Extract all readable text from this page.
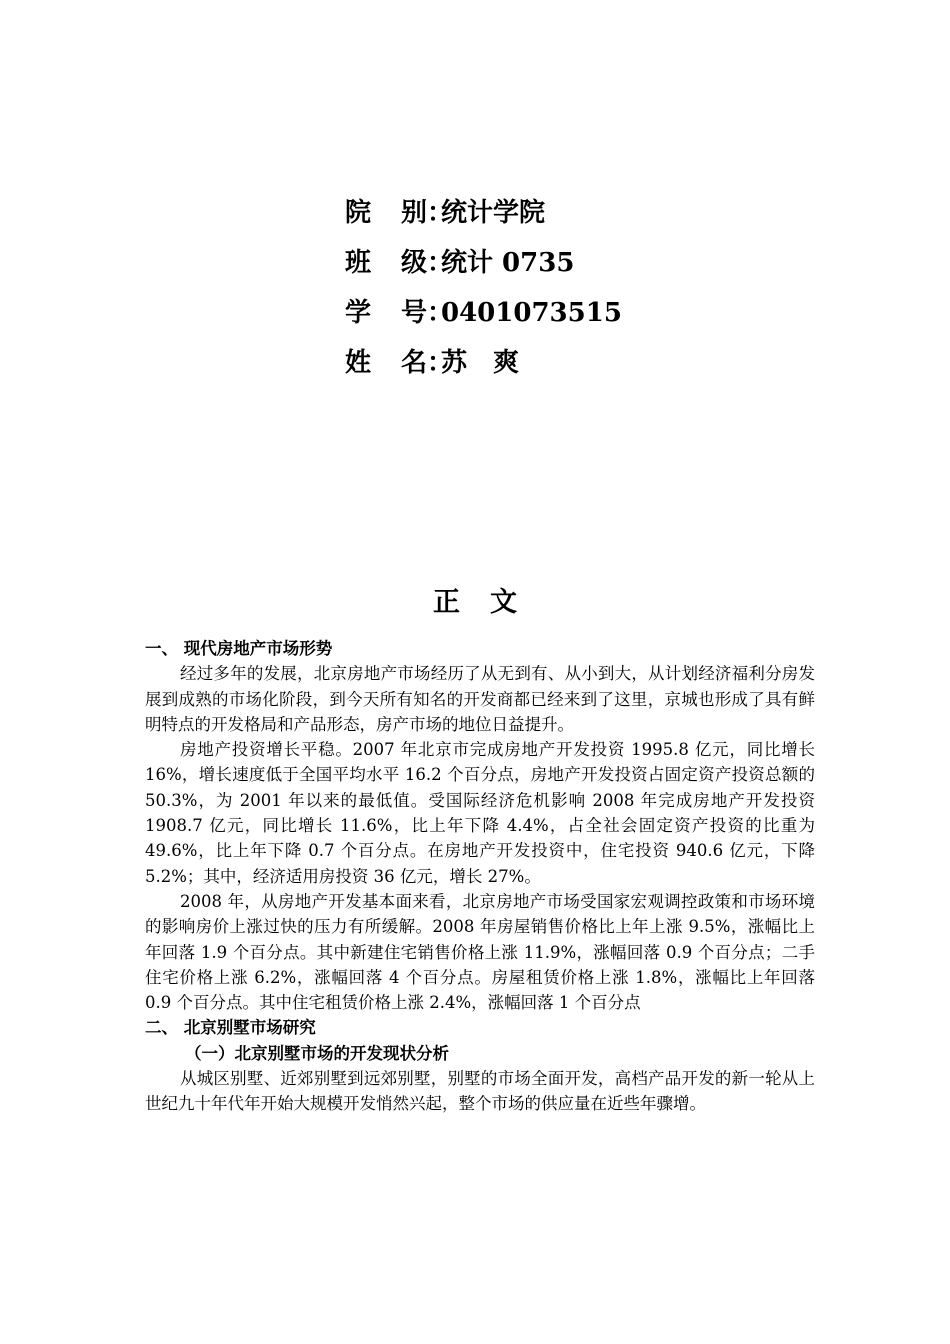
院 别：
统计学院
班 级：
统计 0735
学 号：
0401073515
姓 名：
苏　爽
正文

一、 现代房地产市场形势

经过多年的发展，北京房地产市场经历了从无到有、从小到大，从计划经济福利分房发展到成熟的市场化阶段，到今天所有知名的开发商都已经来到了这里，京城也形成了具有鲜明特点的开发格局和产品形态，房产市场的地位日益提升。

房地产投资增长平稳。2007 年北京市完成房地产开发投资 1995.8 亿元，同比增长 16%，增长速度低于全国平均水平 16.2 个百分点，房地产开发投资占固定资产投资总额的 50.3%，为 2001 年以来的最低值。受国际经济危机影响 2008 年完成房地产开发投资 1908.7 亿元，同比增长 11.6%，比上年下降 4.4%，占全社会固定资产投资的比重为 49.6%，比上年下降 0.7 个百分点。在房地产开发投资中，住宅投资 940.6 亿元，下降 5.2%；其中，经济适用房投资 36 亿元，增长 27%。

2008 年，从房地产开发基本面来看，北京房地产市场受国家宏观调控政策和市场环境的影响房价上涨过快的压力有所缓解。2008 年房屋销售价格比上年上涨 9.5%，涨幅比上年回落 1.9 个百分点。其中新建住宅销售价格上涨 11.9%，涨幅回落 0.9 个百分点；二手住宅价格上涨 6.2%，涨幅回落 4 个百分点。房屋租赁价格上涨 1.8%，涨幅比上年回落 0.9 个百分点。其中住宅租赁价格上涨 2.4%，涨幅回落 1 个百分点

二、 北京别墅市场研究

（一）北京别墅市场的开发现状分析

从城区别墅、近郊别墅到远郊别墅，别墅的市场全面开发，高档产品开发的新一轮从上世纪九十年代年开始大规模开发悄然兴起，整个市场的供应量在近些年骤增。
